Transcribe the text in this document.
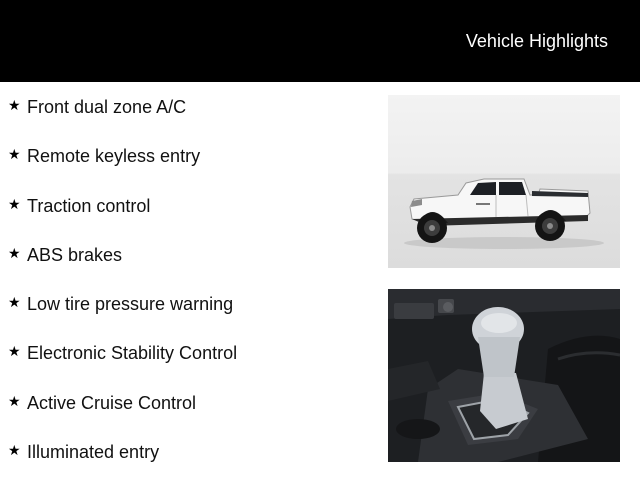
Vehicle Highlights
★ Front dual zone A/C
★ Remote keyless entry
★ Traction control
★ ABS brakes
★ Low tire pressure warning
★ Electronic Stability Control
★ Active Cruise Control
★ Illuminated entry
